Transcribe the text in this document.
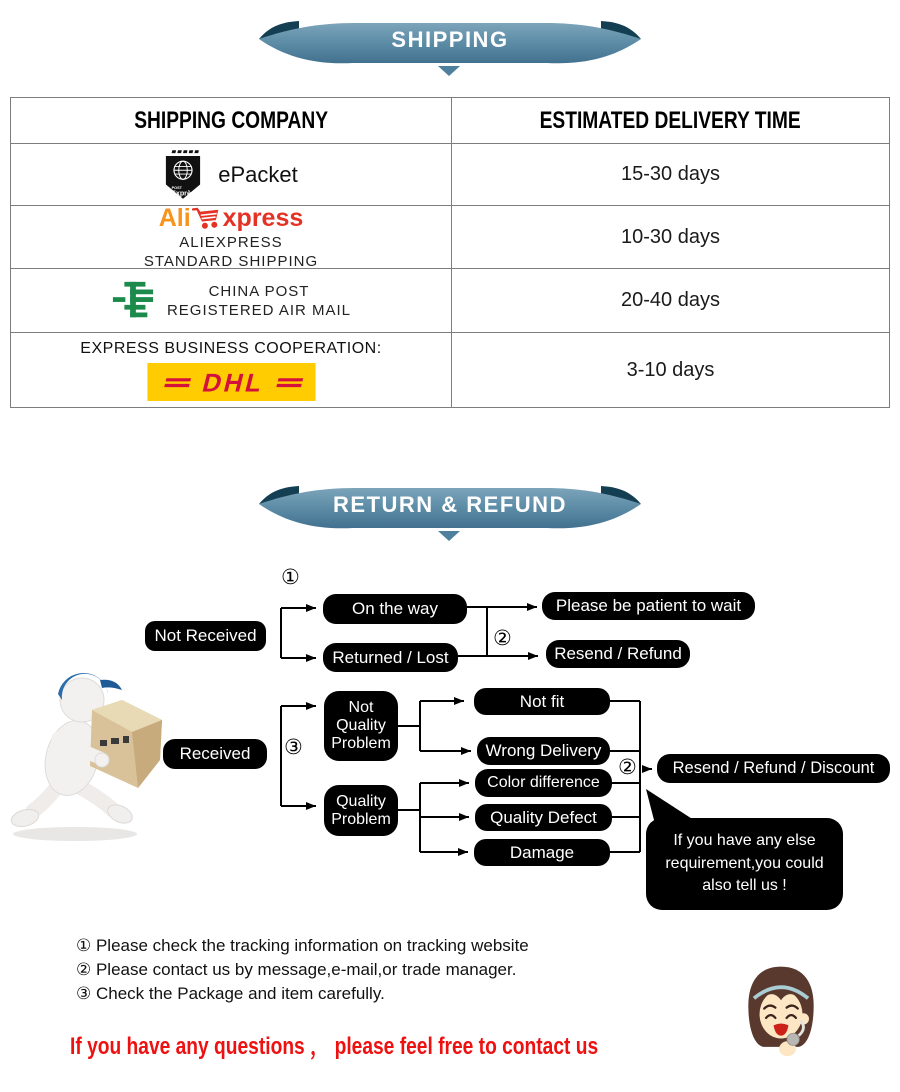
SHIPPING
SHIPPING COMPANY	ESTIMATED DELIVERY TIME
POST
Exprès
ePacket	15-30 days
Ali xpress
ALIEXPRESS
STANDARD SHIPPING
10-30 days
CHINA POST
REGISTERED AIR MAIL	20-40 days
EXPRESS BUSINESS COOPERATION:
DHL	3-10 days
RETURN & REFUND
Not Received
①
On the way
Returned / Lost
Please be patient to wait
②
Resend / Refund
Received	③
Not Quality Problem
Quality Problem
Not fit
Wrong Delivery
Color difference
Quality Defect
Damage
②	Resend / Refund / Discount
If you have any else requirement,you could also tell us !
① Please check the tracking information on tracking website
② Please contact us by message,e-mail,or trade manager.
③ Check the Package and item carefully.
If you have any questions ， please feel free to contact us
